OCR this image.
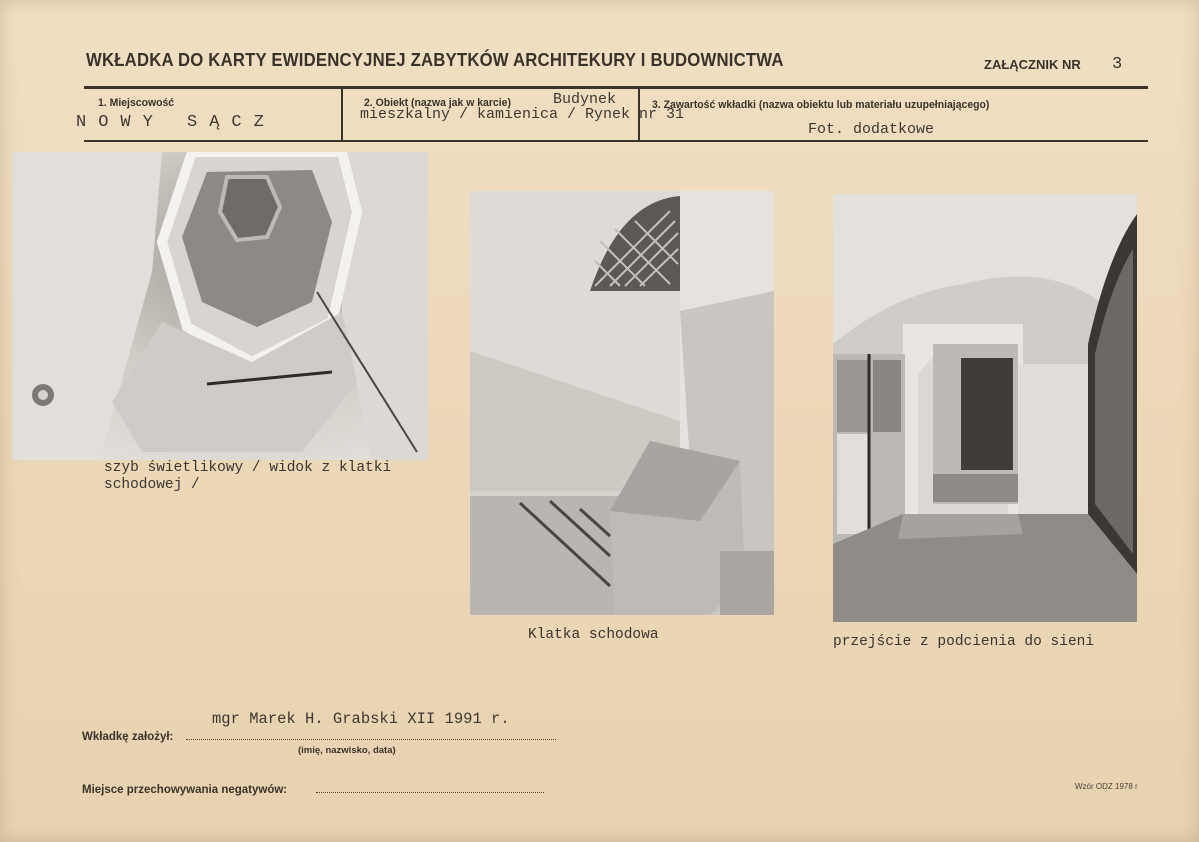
WKŁADKA DO KARTY EWIDENCYJNEJ ZABYTKÓW ARCHITEKURY I BUDOWNICTWA	ZAŁĄCZNIK NR 3
1. Miejscowość
NOWY SĄCZ
2. Obiekt (nazwa jak w karcie)	Budynek
mieszkalny / kamienica / Rynek nr 31
3. Zawartość wkładki (nazwa obiektu lub materiału uzupełniającego)
Fot. dodatkowe
szyb świetlikowy / widok z klatki
schodowej /
Klatka schodowa	przejście z podcienia do sieni
mgr Marek H. Grabski XII 1991 r.
Wkładkę założył:
(imię, nazwisko, data)
Miejsce przechowywania negatywów:	Wzór ODZ 1978 r
